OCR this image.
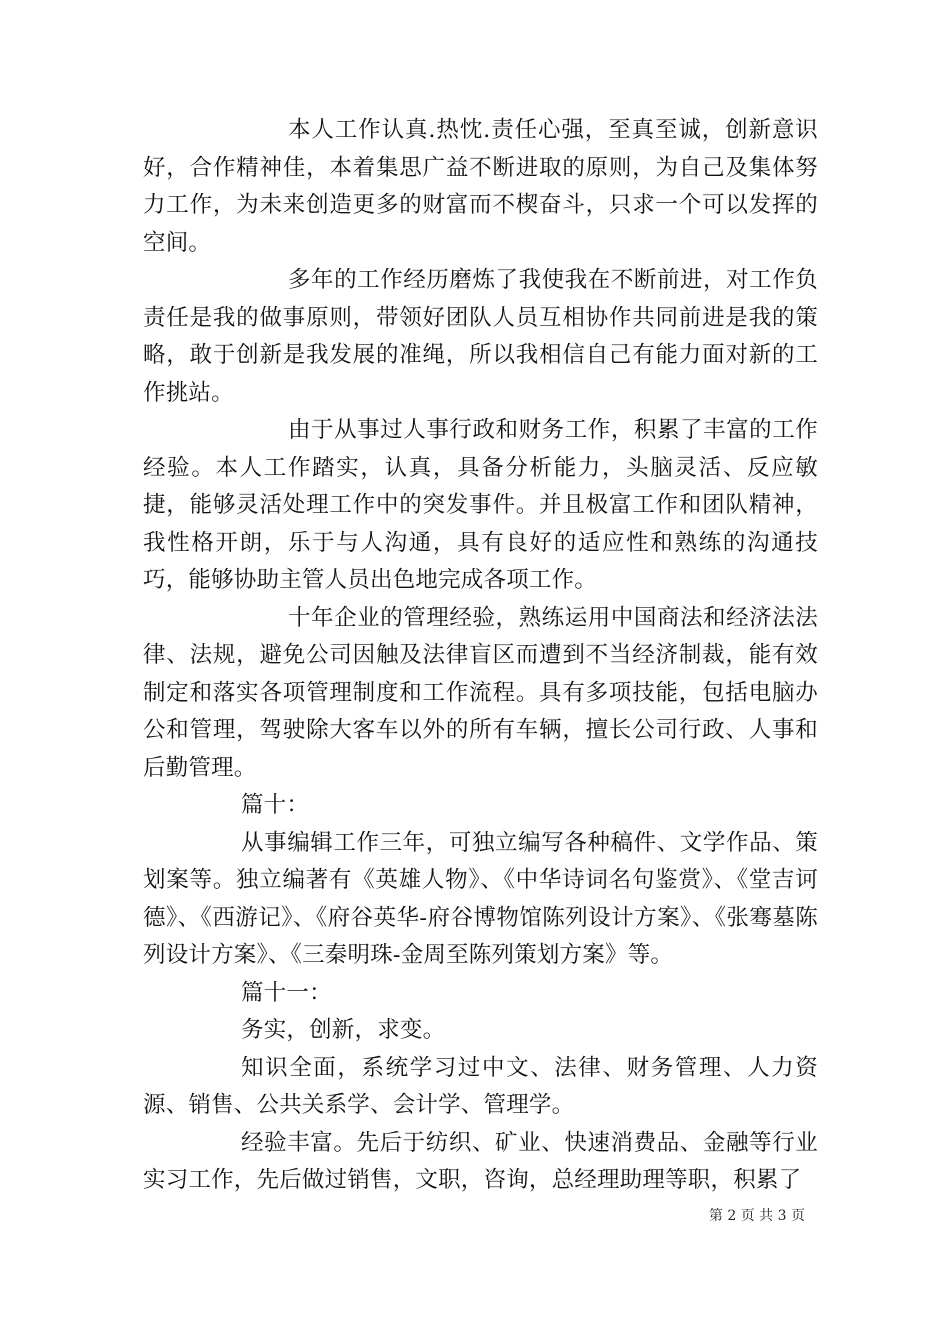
本人工作认真.热忱.责任心强，至真至诚，创新意识好，合作精神佳，本着集思广益不断进取的原则，为自己及集体努力工作，为未来创造更多的财富而不楔奋斗，只求一个可以发挥的空间。

多年的工作经历磨炼了我使我在不断前进，对工作负责任是我的做事原则，带领好团队人员互相协作共同前进是我的策略，敢于创新是我发展的准绳，所以我相信自己有能力面对新的工作挑站。

由于从事过人事行政和财务工作，积累了丰富的工作经验。本人工作踏实，认真，具备分析能力，头脑灵活、反应敏捷，能够灵活处理工作中的突发事件。并且极富工作和团队精神，我性格开朗，乐于与人沟通，具有良好的适应性和熟练的沟通技巧，能够协助主管人员出色地完成各项工作。

十年企业的管理经验，熟练运用中国商法和经济法法律、法规，避免公司因触及法律盲区而遭到不当经济制裁，能有效制定和落实各项管理制度和工作流程。具有多项技能，包括电脑办公和管理，驾驶除大客车以外的所有车辆，擅长公司行政、人事和后勤管理。

篇十：

从事编辑工作三年，可独立编写各种稿件、文学作品、策划案等。独立编著有《英雄人物》、《中华诗词名句鉴赏》、《堂吉诃德》、《西游记》、《府谷英华-府谷博物馆陈列设计方案》、《张骞墓陈列设计方案》、《三秦明珠-金周至陈列策划方案》等。

篇十一：

务实，创新，求变。

知识全面，系统学习过中文、法律、财务管理、人力资源、销售、公共关系学、会计学、管理学。

经验丰富。先后于纺织、矿业、快速消费品、金融等行业实习工作，先后做过销售，文职，咨询，总经理助理等职，积累了

第 2 页 共 3 页
